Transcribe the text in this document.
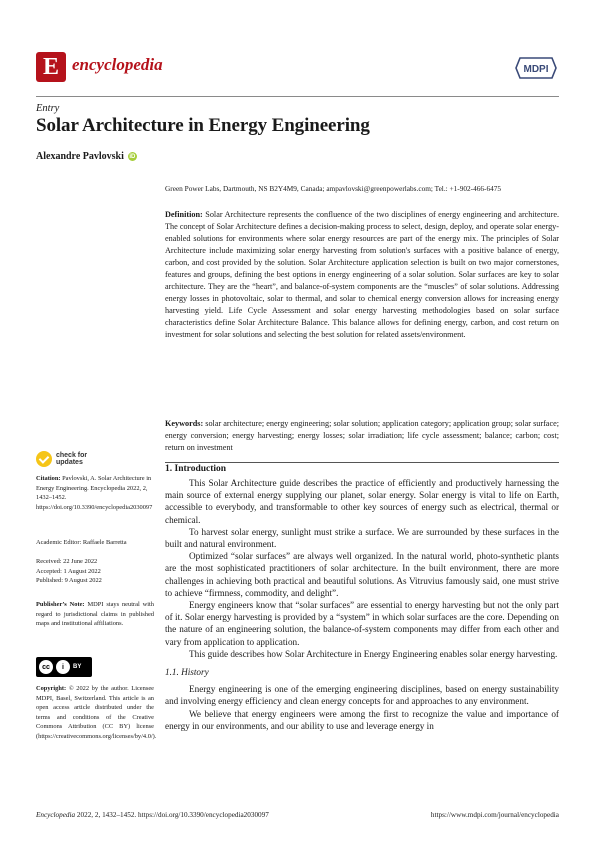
E encyclopedia	MDPI
Entry
Solar Architecture in Energy Engineering
Alexandre Pavlovski iD
Green Power Labs, Dartmouth, NS B2Y4M9, Canada; ampavlovski@greenpowerlabs.com; Tel.: +1-902-466-6475
Definition: Solar Architecture represents the confluence of the two disciplines of energy engineering and architecture. The concept of Solar Architecture defines a decision-making process to select, design, deploy, and operate solar energy-enabled solutions for environments where solar energy resources are part of the energy mix. The principles of Solar Architecture include maximizing solar energy harvesting from solution's surfaces with a positive balance of energy, carbon, and cost provided by the solution. Solar Architecture application selection is built on two major cornerstones, features and groups, defining the best options in energy engineering of a solar solution. Solar surfaces are key to solar architecture. They are the “heart”, and balance-of-system components are the “muscles” of solar solutions. Addressing energy losses in photovoltaic, solar to thermal, and solar to chemical energy conversion allows for increasing energy harvesting yield. Life Cycle Assessment and solar energy harvesting methodologies based on solar surface characteristics define Solar Architecture Balance. This balance allows for defining energy, carbon, and cost return on investment for solar solutions and selecting the best solution for related assets/environment.
Keywords: solar architecture; energy engineering; solar solution; application category; application group; solar surface; energy conversion; energy harvesting; energy losses; solar irradiation; life cycle assessment; balance; carbon; cost; return on investment
1. Introduction

This Solar Architecture guide describes the practice of efficiently and productively harnessing the main source of external energy supplying our planet, solar energy. Solar energy is vital to life on Earth, accessible to everybody, and transformable to other key sources of energy such as electrical, thermal or chemical.

To harvest solar energy, sunlight must strike a surface. We are surrounded by these surfaces in the built and natural environment.

Optimized “solar surfaces” are always well organized. In the natural world, photo-synthetic plants are the most sophisticated practitioners of solar architecture. In the built environment, there are more challenges in achieving both practical and beautiful solutions. As Vitruvius famously said, one must strive to achieve “firmness, commodity, and delight”.

Energy engineers know that “solar surfaces” are essential to energy harvesting but not the only part of it. Solar energy harvesting is provided by a “system” in which solar surfaces are the core. Depending on the nature of an engineering solution, the balance-of-system components may differ from each other and vary from application to application.

This guide describes how Solar Architecture in Energy Engineering enables solar energy harvesting.

1.1. History

Energy engineering is one of the emerging engineering disciplines, based on energy sustainability and involving energy efficiency and clean energy concepts for and approaches to any environment.

We believe that energy engineers were among the first to recognize the value and importance of energy in our environments, and our ability to use and leverage energy in

check for
updates
Citation: Pavlovski, A. Solar Architecture in Energy Engineering. Encyclopedia 2022, 2, 1432–1452. https://doi.org/10.3390/encyclopedia2030097
Academic Editor: Raffaele Barretta
Received: 22 June 2022
Accepted: 1 August 2022
Published: 9 August 2022
Publisher’s Note: MDPI stays neutral with regard to jurisdictional claims in published maps and institutional affiliations.
cc	i	BY
Copyright: © 2022 by the author. Licensee MDPI, Basel, Switzerland. This article is an open access article distributed under the terms and conditions of the Creative Commons Attribution (CC BY) license (https://creativecommons.org/licenses/by/4.0/).
Encyclopedia 2022, 2, 1432–1452. https://doi.org/10.3390/encyclopedia2030097	https://www.mdpi.com/journal/encyclopedia
